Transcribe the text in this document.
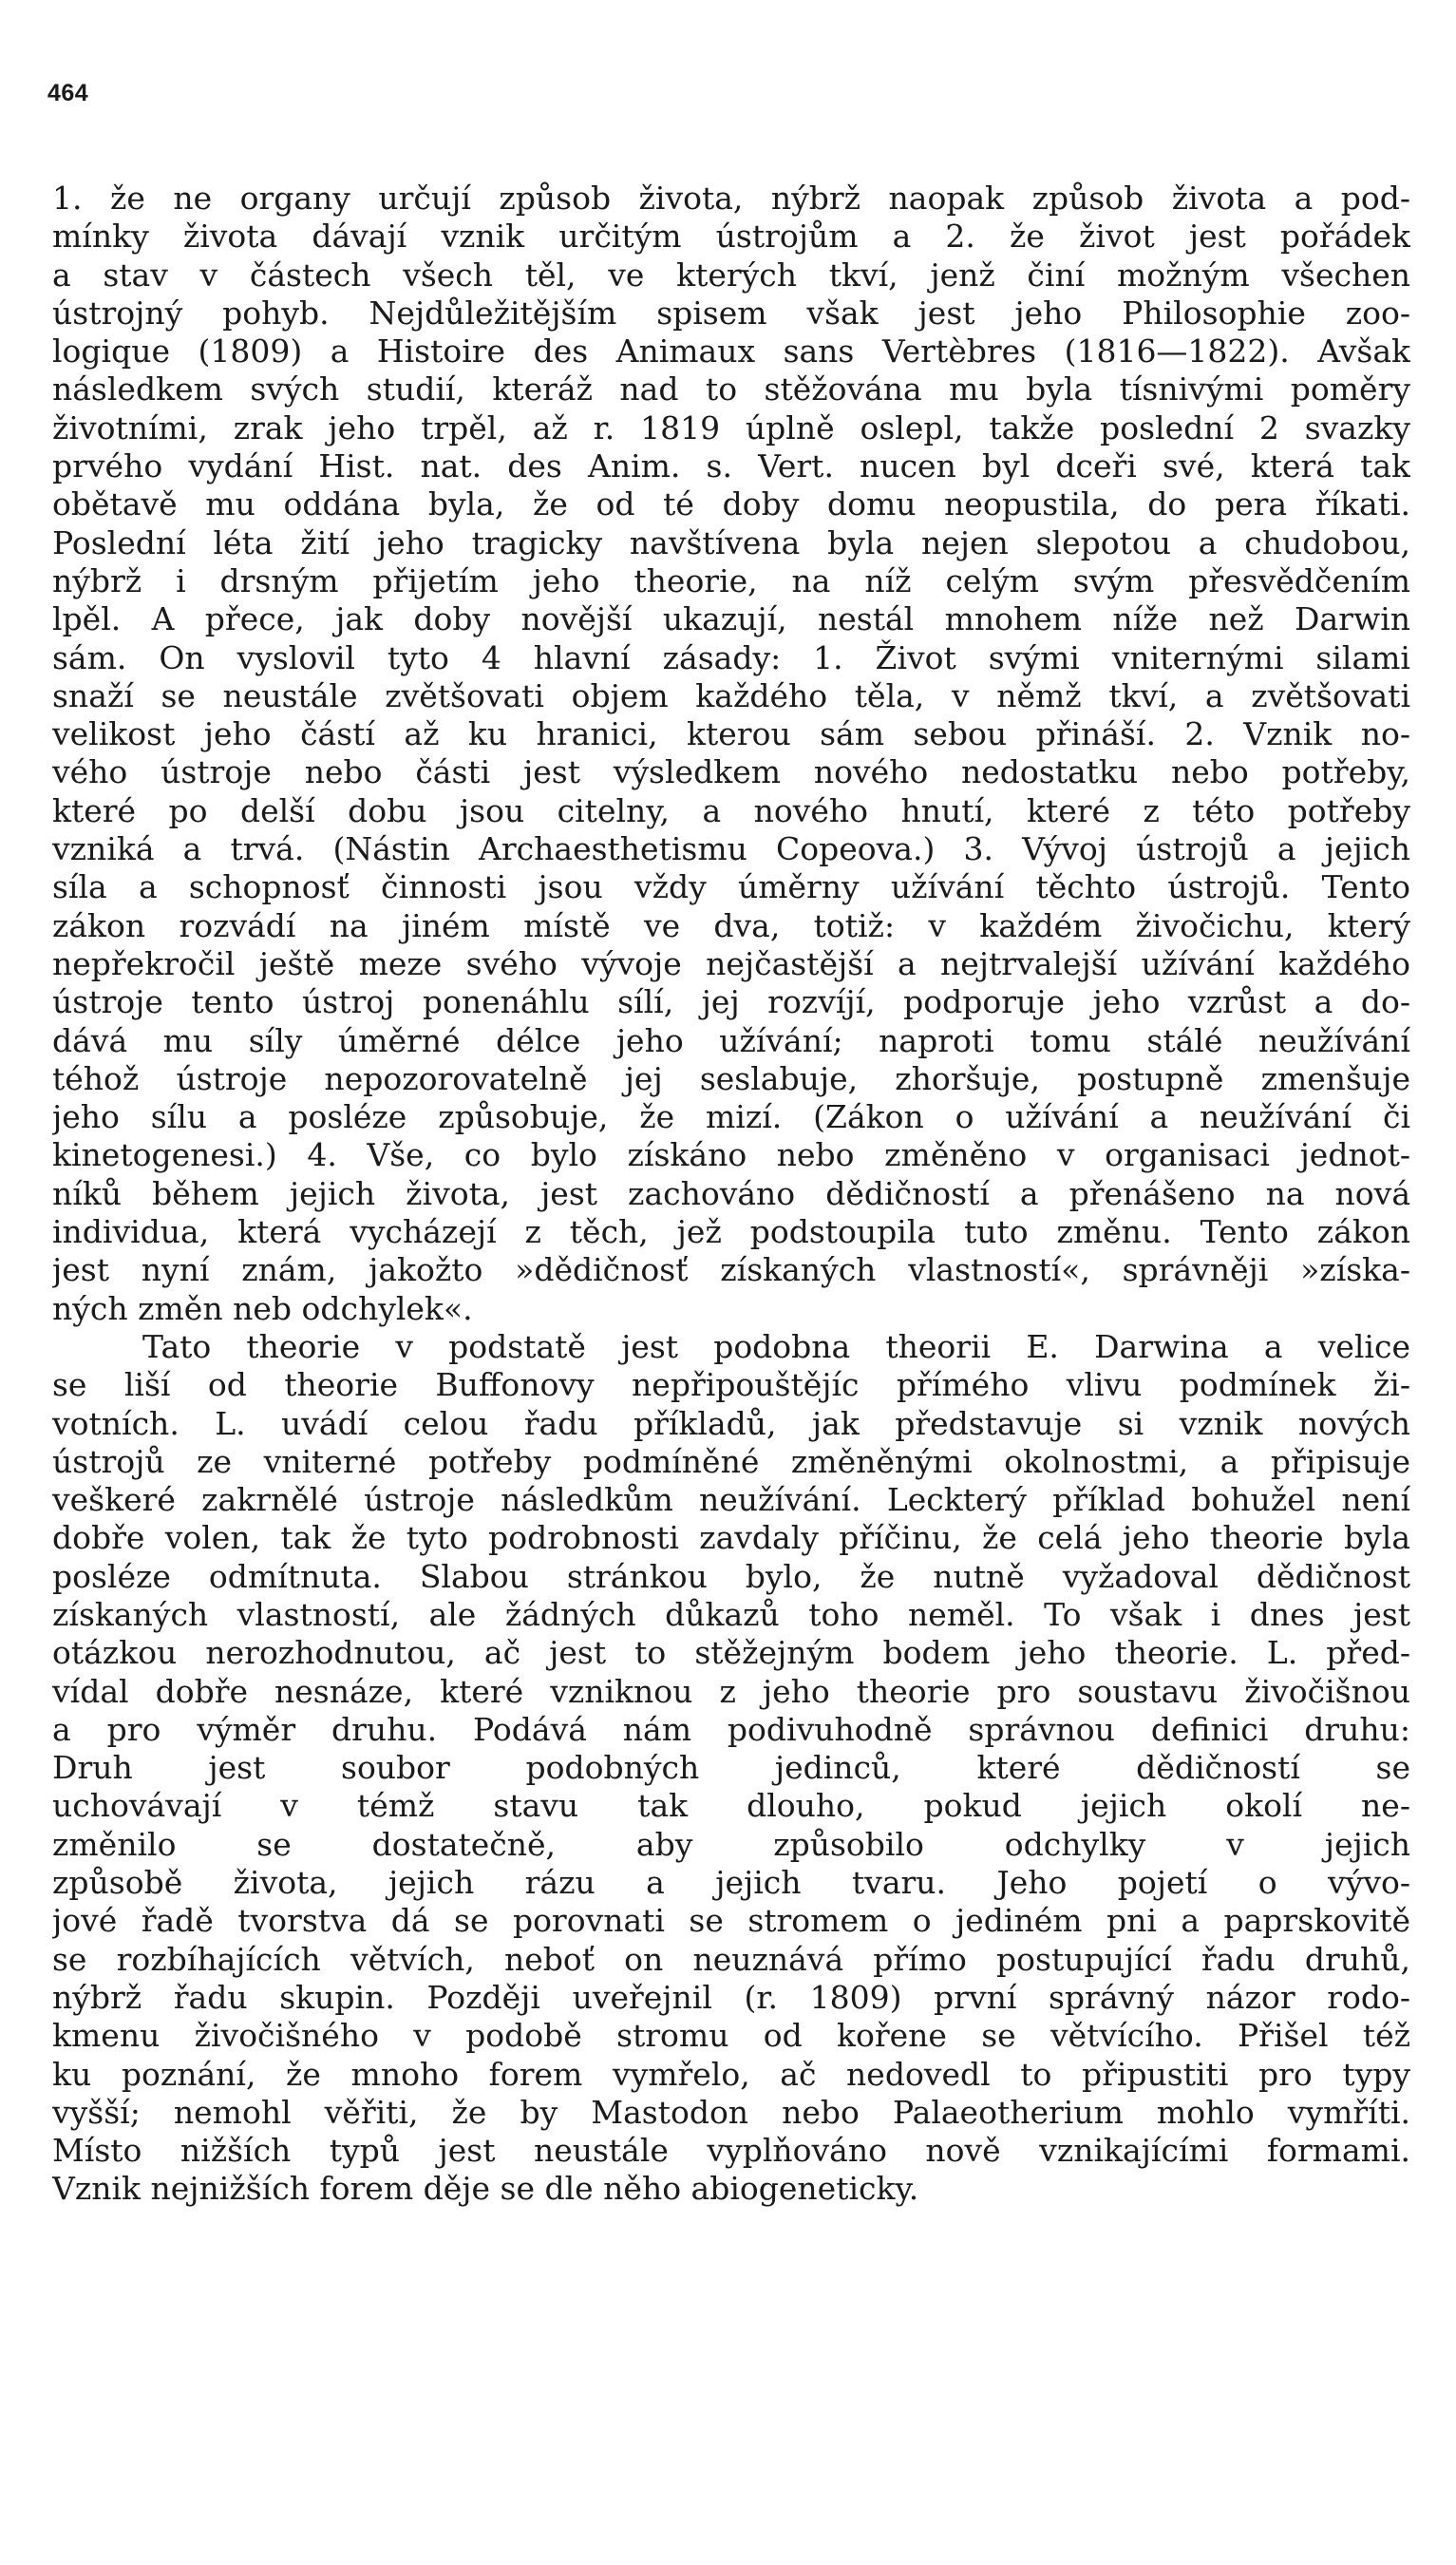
464
1. že ne organy určují způsob života, nýbrž naopak způsob života a pod-
mínky života dávají vznik určitým ústrojům a 2. že život jest pořádek
a stav v částech všech těl, ve kterých tkví, jenž činí možným všechen
ústrojný pohyb. Nejdůležitějším spisem však jest jeho Philosophie zoo-
logique (1809) a Histoire des Animaux sans Vertèbres (1816—1822). Avšak
následkem svých studií, kteráž nad to stěžována mu byla tísnivými poměry
životními, zrak jeho trpěl, až r. 1819 úplně oslepl, takže poslední 2 svazky
prvého vydání Hist. nat. des Anim. s. Vert. nucen byl dceři své, která tak
obětavě mu oddána byla, že od té doby domu neopustila, do pera říkati.
Poslední léta žití jeho tragicky navštívena byla nejen slepotou a chudobou,
nýbrž i drsným přijetím jeho theorie, na níž celým svým přesvědčením
lpěl. A přece, jak doby novější ukazují, nestál mnohem níže než Darwin
sám. On vyslovil tyto 4 hlavní zásady: 1. Život svými vniternými silami
snaží se neustále zvětšovati objem každého těla, v němž tkví, a zvětšovati
velikost jeho částí až ku hranici, kterou sám sebou přináší. 2. Vznik no-
vého ústroje nebo části jest výsledkem nového nedostatku nebo potřeby,
které po delší dobu jsou citelny, a nového hnutí, které z této potřeby
vzniká a trvá. (Nástin Archaesthetismu Copeova.) 3. Vývoj ústrojů a jejich
síla a schopnosť činnosti jsou vždy úměrny užívání těchto ústrojů. Tento
zákon rozvádí na jiném místě ve dva, totiž: v každém živočichu, který
nepřekročil ještě meze svého vývoje nejčastější a nejtrvalejší užívání každého
ústroje tento ústroj ponenáhlu sílí, jej rozvíjí, podporuje jeho vzrůst a do-
dává mu síly úměrné délce jeho užívání; naproti tomu stálé neužívání
téhož ústroje nepozorovatelně jej seslabuje, zhoršuje, postupně zmenšuje
jeho sílu a posléze způsobuje, že mizí. (Zákon o užívání a neužívání či
kinetogenesi.) 4. Vše, co bylo získáno nebo změněno v organisaci jednot-
níků během jejich života, jest zachováno dědičností a přenášeno na nová
individua, která vycházejí z těch, jež podstoupila tuto změnu. Tento zákon
jest nyní znám, jakožto »dědičnosť získaných vlastností«, správněji »získa-
ných změn neb odchylek«.
Tato theorie v podstatě jest podobna theorii E. Darwina a velice
se liší od theorie Buffonovy nepřipouštějíc přímého vlivu podmínek ži-
votních. L. uvádí celou řadu příkladů, jak představuje si vznik nových
ústrojů ze vniterné potřeby podmíněné změněnými okolnostmi, a připisuje
veškeré zakrnělé ústroje následkům neužívání. Leckterý příklad bohužel není
dobře volen, tak že tyto podrobnosti zavdaly příčinu, že celá jeho theorie byla
posléze odmítnuta. Slabou stránkou bylo, že nutně vyžadoval dědičnost
získaných vlastností, ale žádných důkazů toho neměl. To však i dnes jest
otázkou nerozhodnutou, ač jest to stěžejným bodem jeho theorie. L. před-
vídal dobře nesnáze, které vzniknou z jeho theorie pro soustavu živočišnou
a pro výměr druhu. Podává nám podivuhodně správnou definici druhu:
Druh jest soubor podobných jedinců, které dědičností se
uchovávají v témž stavu tak dlouho, pokud jejich okolí ne-
změnilo se dostatečně, aby způsobilo odchylky v jejich
způsobě života, jejich rázu a jejich tvaru. Jeho pojetí o vývo-
jové řadě tvorstva dá se porovnati se stromem o jediném pni a paprskovitě
se rozbíhajících větvích, neboť on neuznává přímo postupující řadu druhů,
nýbrž řadu skupin. Později uveřejnil (r. 1809) první správný názor rodo-
kmenu živočišného v podobě stromu od kořene se větvícího. Přišel též
ku poznání, že mnoho forem vymřelo, ač nedovedl to připustiti pro typy
vyšší; nemohl věřiti, že by Mastodon nebo Palaeotherium mohlo vymříti.
Místo nižších typů jest neustále vyplňováno nově vznikajícími formami.
Vznik nejnižších forem děje se dle něho abiogeneticky.
